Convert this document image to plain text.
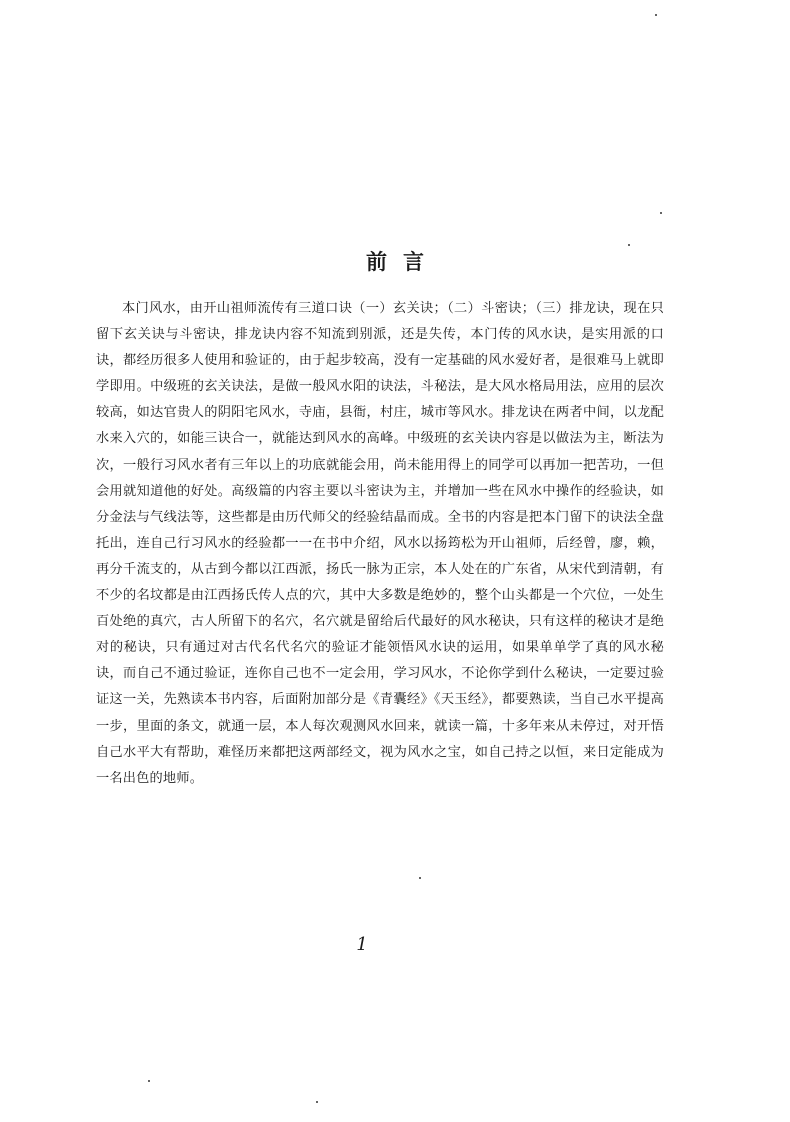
前言

本门风水，由开山祖师流传有三道口诀（一）玄关诀；（二）斗密诀；（三）排龙诀，现在只留下玄关诀与斗密诀，排龙诀内容不知流到别派，还是失传，本门传的风水诀，是实用派的口诀，都经历很多人使用和验证的，由于起步较高，没有一定基础的风水爱好者，是很难马上就即学即用。中级班的玄关诀法，是做一般风水阳的诀法，斗秘法，是大风水格局用法，应用的层次较高，如达官贵人的阴阳宅风水，寺庙，县衙，村庄，城市等风水。排龙诀在两者中间，以龙配水来入穴的，如能三诀合一，就能达到风水的高峰。中级班的玄关诀内容是以做法为主，断法为次，一般行习风水者有三年以上的功底就能会用，尚未能用得上的同学可以再加一把苦功，一但会用就知道他的好处。高级篇的内容主要以斗密诀为主，并增加一些在风水中操作的经验诀，如分金法与气线法等，这些都是由历代师父的经验结晶而成。全书的内容是把本门留下的诀法全盘托出，连自己行习风水的经验都一一在书中介绍，风水以扬筠松为开山祖师，后经曾，廖，赖，再分千流支的，从古到今都以江西派，扬氏一脉为正宗，本人处在的广东省，从宋代到清朝，有不少的名坟都是由江西扬氏传人点的穴，其中大多数是绝妙的，整个山头都是一个穴位，一处生百处绝的真穴，古人所留下的名穴，名穴就是留给后代最好的风水秘诀，只有这样的秘诀才是绝对的秘诀，只有通过对古代名代名穴的验证才能领悟风水诀的运用，如果单单学了真的风水秘诀，而自己不通过验证，连你自己也不一定会用，学习风水，不论你学到什么秘诀，一定要过验证这一关，先熟读本书内容，后面附加部分是《青囊经》《天玉经》，都要熟读，当自己水平提高一步，里面的条文，就通一层，本人每次观测风水回来，就读一篇，十多年来从未停过，对开悟自己水平大有帮助，难怪历来都把这两部经文，视为风水之宝，如自己持之以恒，来日定能成为一名出色的地师。

1
